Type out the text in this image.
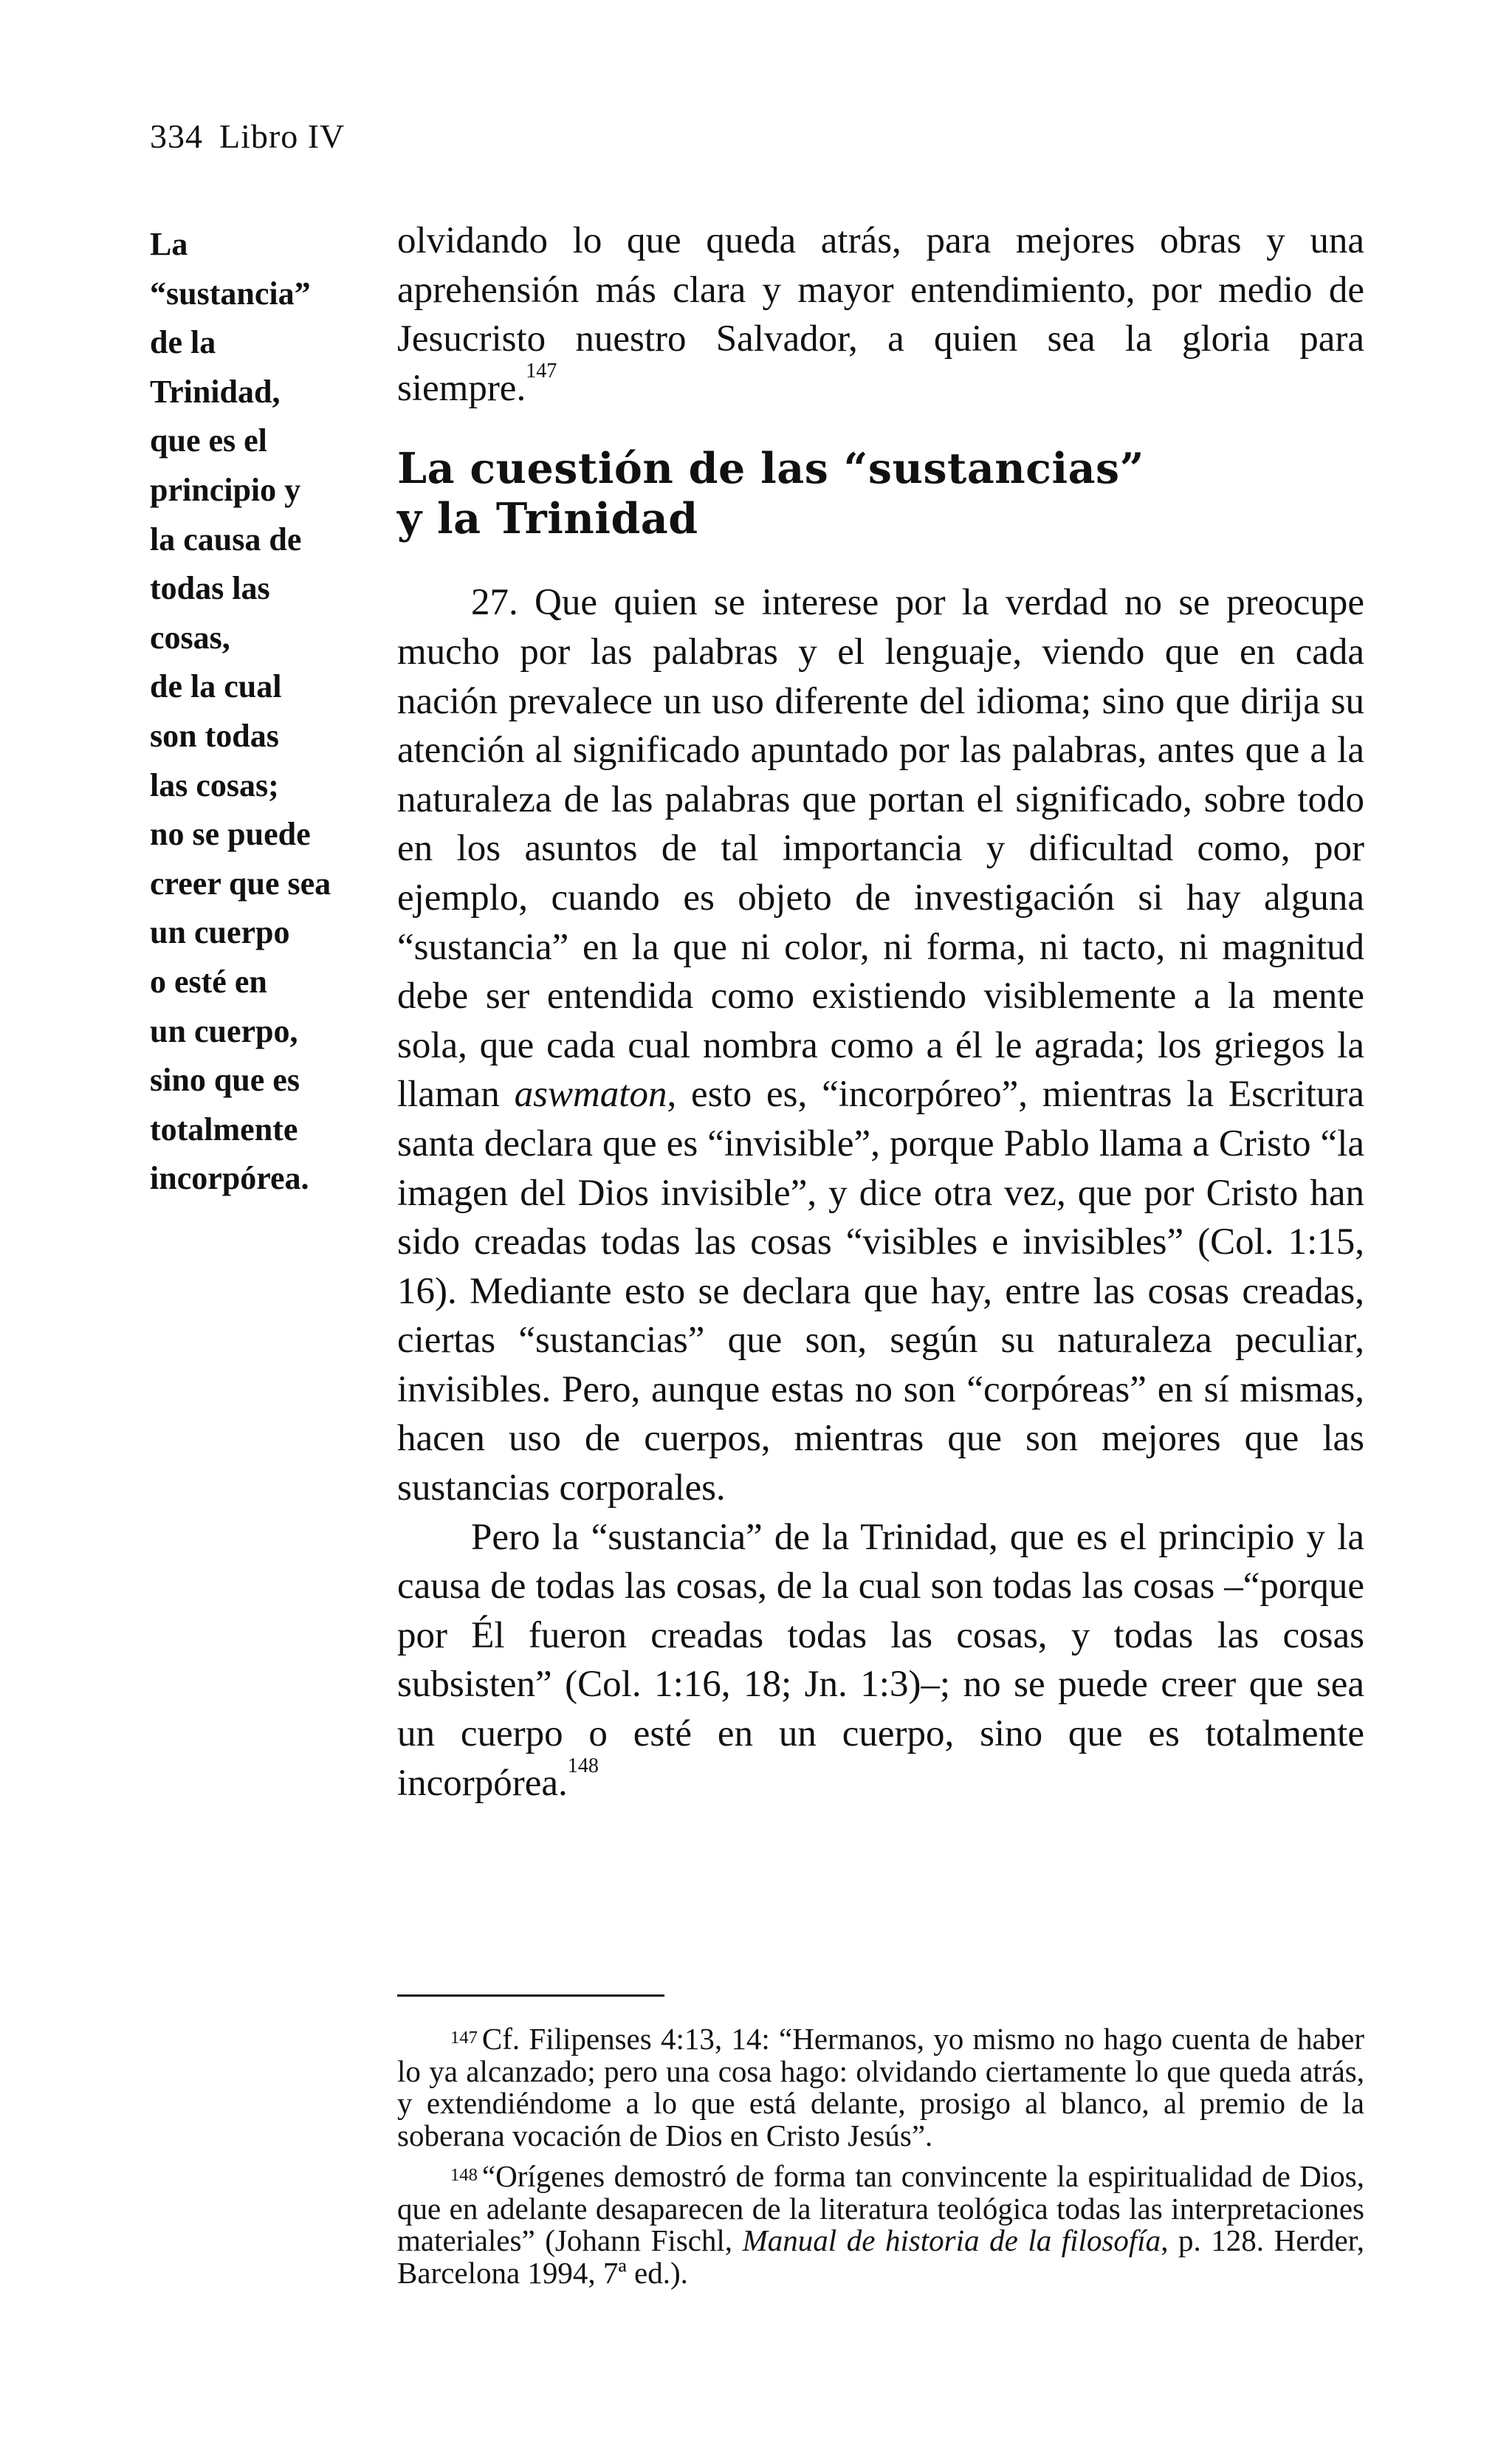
334 Libro IV
La
“sustancia”
de la
Trinidad,
que es el
principio y
la causa de
todas las
cosas,
de la cual
son todas
las cosas;
no se puede
creer que sea
un cuerpo
o esté en
un cuerpo,
sino que es
totalmente
incorpórea.

olvidando lo que queda atrás, para mejores obras y una aprehensión más clara y mayor entendimiento, por medio de Jesucristo nuestro Salvador, a quien sea la gloria para siempre.$^{147}$

La cuestión de las “sustancias”
y la Trinidad

27. Que quien se interese por la verdad no se preocupe mucho por las palabras y el lenguaje, viendo que en cada nación prevalece un uso diferente del idioma; sino que dirija su atención al significado apuntado por las palabras, antes que a la naturaleza de las palabras que portan el significado, sobre todo en los asuntos de tal importancia y dificultad como, por ejemplo, cuando es objeto de investigación si hay alguna “sustancia” en la que ni color, ni forma, ni tacto, ni magnitud debe ser entendida como existiendo visiblemente a la mente sola, que cada cual nombra como a él le agrada; los griegos la llaman aswmaton, esto es, “incorpóreo”, mientras la Escritura santa declara que es “invisible”, porque Pablo llama a Cristo “la imagen del Dios invisible”, y dice otra vez, que por Cristo han sido creadas todas las cosas “visibles e invisibles” (Col. 1:15, 16). Mediante esto se declara que hay, entre las cosas creadas, ciertas “sustancias” que son, según su naturaleza peculiar, invisibles. Pero, aunque estas no son “corpóreas” en sí mismas, hacen uso de cuerpos, mientras que son mejores que las sustancias corporales.

Pero la “sustancia” de la Trinidad, que es el principio y la causa de todas las cosas, de la cual son todas las cosas –“porque por Él fueron creadas todas las cosas, y todas las cosas subsisten” (Col. 1:16, 18; Jn. 1:3)–; no se puede creer que sea un cuerpo o esté en un cuerpo, sino que es totalmente incorpórea.$^{148}$

$^{147}$ Cf. Filipenses 4:13, 14: “Hermanos, yo mismo no hago cuenta de haber lo ya alcanzado; pero una cosa hago: olvidando ciertamente lo que queda atrás, y extendiéndome a lo que está delante, prosigo al blanco, al premio de la soberana vocación de Dios en Cristo Jesús”.

$^{148}$ “Orígenes demostró de forma tan convincente la espiritualidad de Dios, que en adelante desaparecen de la literatura teológica todas las interpretaciones materiales” (Johann Fischl, Manual de historia de la filosofía, p. 128. Herder, Barcelona 1994, 7ª ed.).
